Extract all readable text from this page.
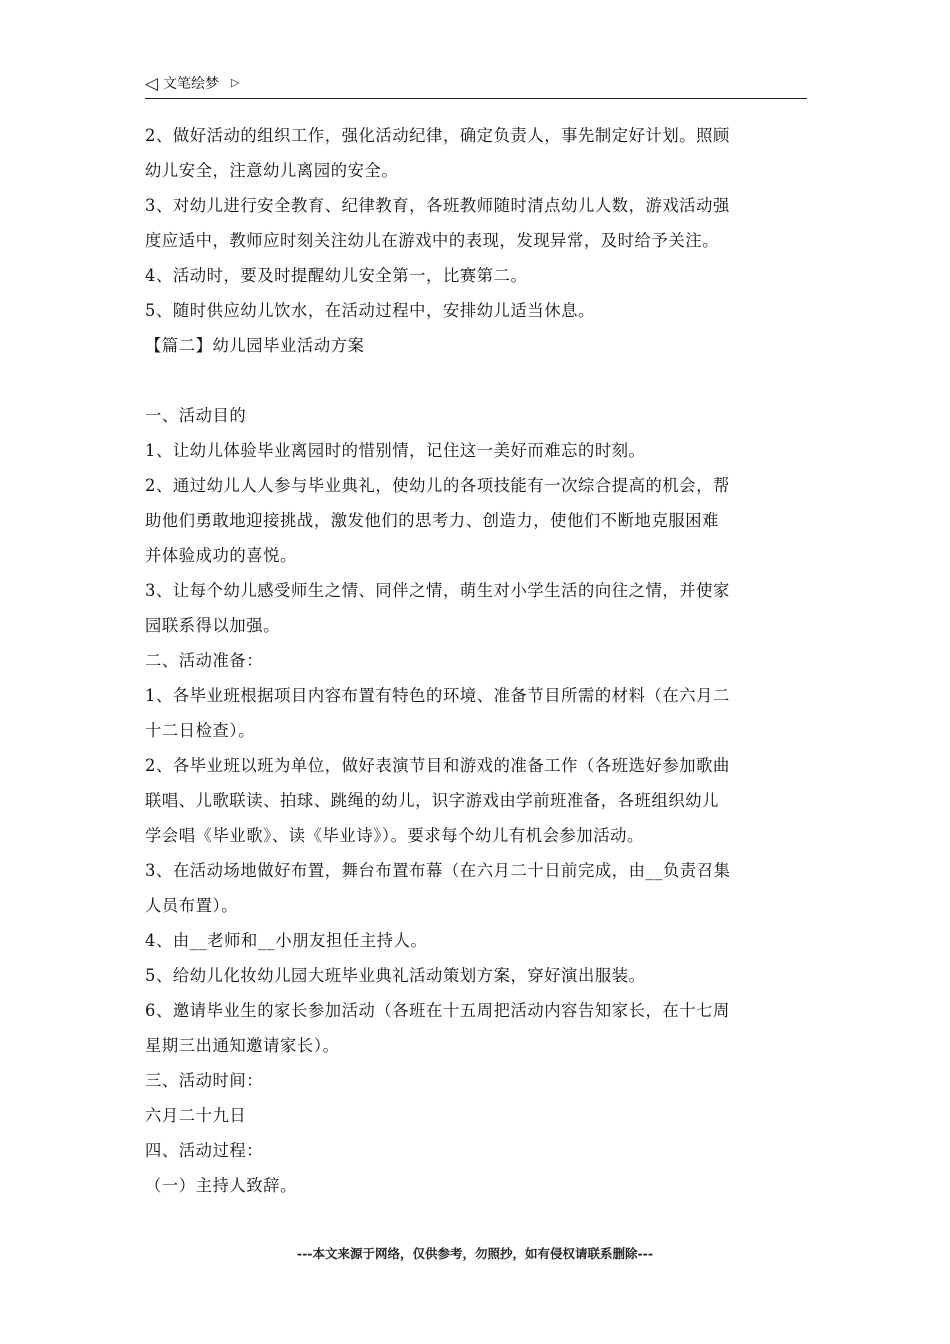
◁ 文笔绘梦 ▷
2、做好活动的组织工作，强化活动纪律，确定负责人，事先制定好计划。照顾
幼儿安全，注意幼儿离园的安全。
3、对幼儿进行安全教育、纪律教育，各班教师随时清点幼儿人数，游戏活动强
度应适中，教师应时刻关注幼儿在游戏中的表现，发现异常，及时给予关注。
4、活动时，要及时提醒幼儿安全第一，比赛第二。
5、随时供应幼儿饮水，在活动过程中，安排幼儿适当休息。
【篇二】幼儿园毕业活动方案
一、活动目的
1、让幼儿体验毕业离园时的惜别情，记住这一美好而难忘的时刻。
2、通过幼儿人人参与毕业典礼，使幼儿的各项技能有一次综合提高的机会，帮
助他们勇敢地迎接挑战，激发他们的思考力、创造力，使他们不断地克服困难
并体验成功的喜悦。
3、让每个幼儿感受师生之情、同伴之情，萌生对小学生活的向往之情，并使家
园联系得以加强。
二、活动准备：
1、各毕业班根据项目内容布置有特色的环境、准备节目所需的材料（在六月二
十二日检查）。
2、各毕业班以班为单位，做好表演节目和游戏的准备工作（各班选好参加歌曲
联唱、儿歌联读、拍球、跳绳的幼儿，识字游戏由学前班准备，各班组织幼儿
学会唱《毕业歌》、读《毕业诗》）。要求每个幼儿有机会参加活动。
3、在活动场地做好布置，舞台布置布幕（在六月二十日前完成，由__负责召集
人员布置）。
4、由__老师和__小朋友担任主持人。
5、给幼儿化妆幼儿园大班毕业典礼活动策划方案，穿好演出服装。
6、邀请毕业生的家长参加活动（各班在十五周把活动内容告知家长，在十七周
星期三出通知邀请家长）。
三、活动时间：
六月二十九日
四、活动过程：
（一）主持人致辞。
---本文来源于网络，仅供参考，勿照抄，如有侵权请联系删除---
